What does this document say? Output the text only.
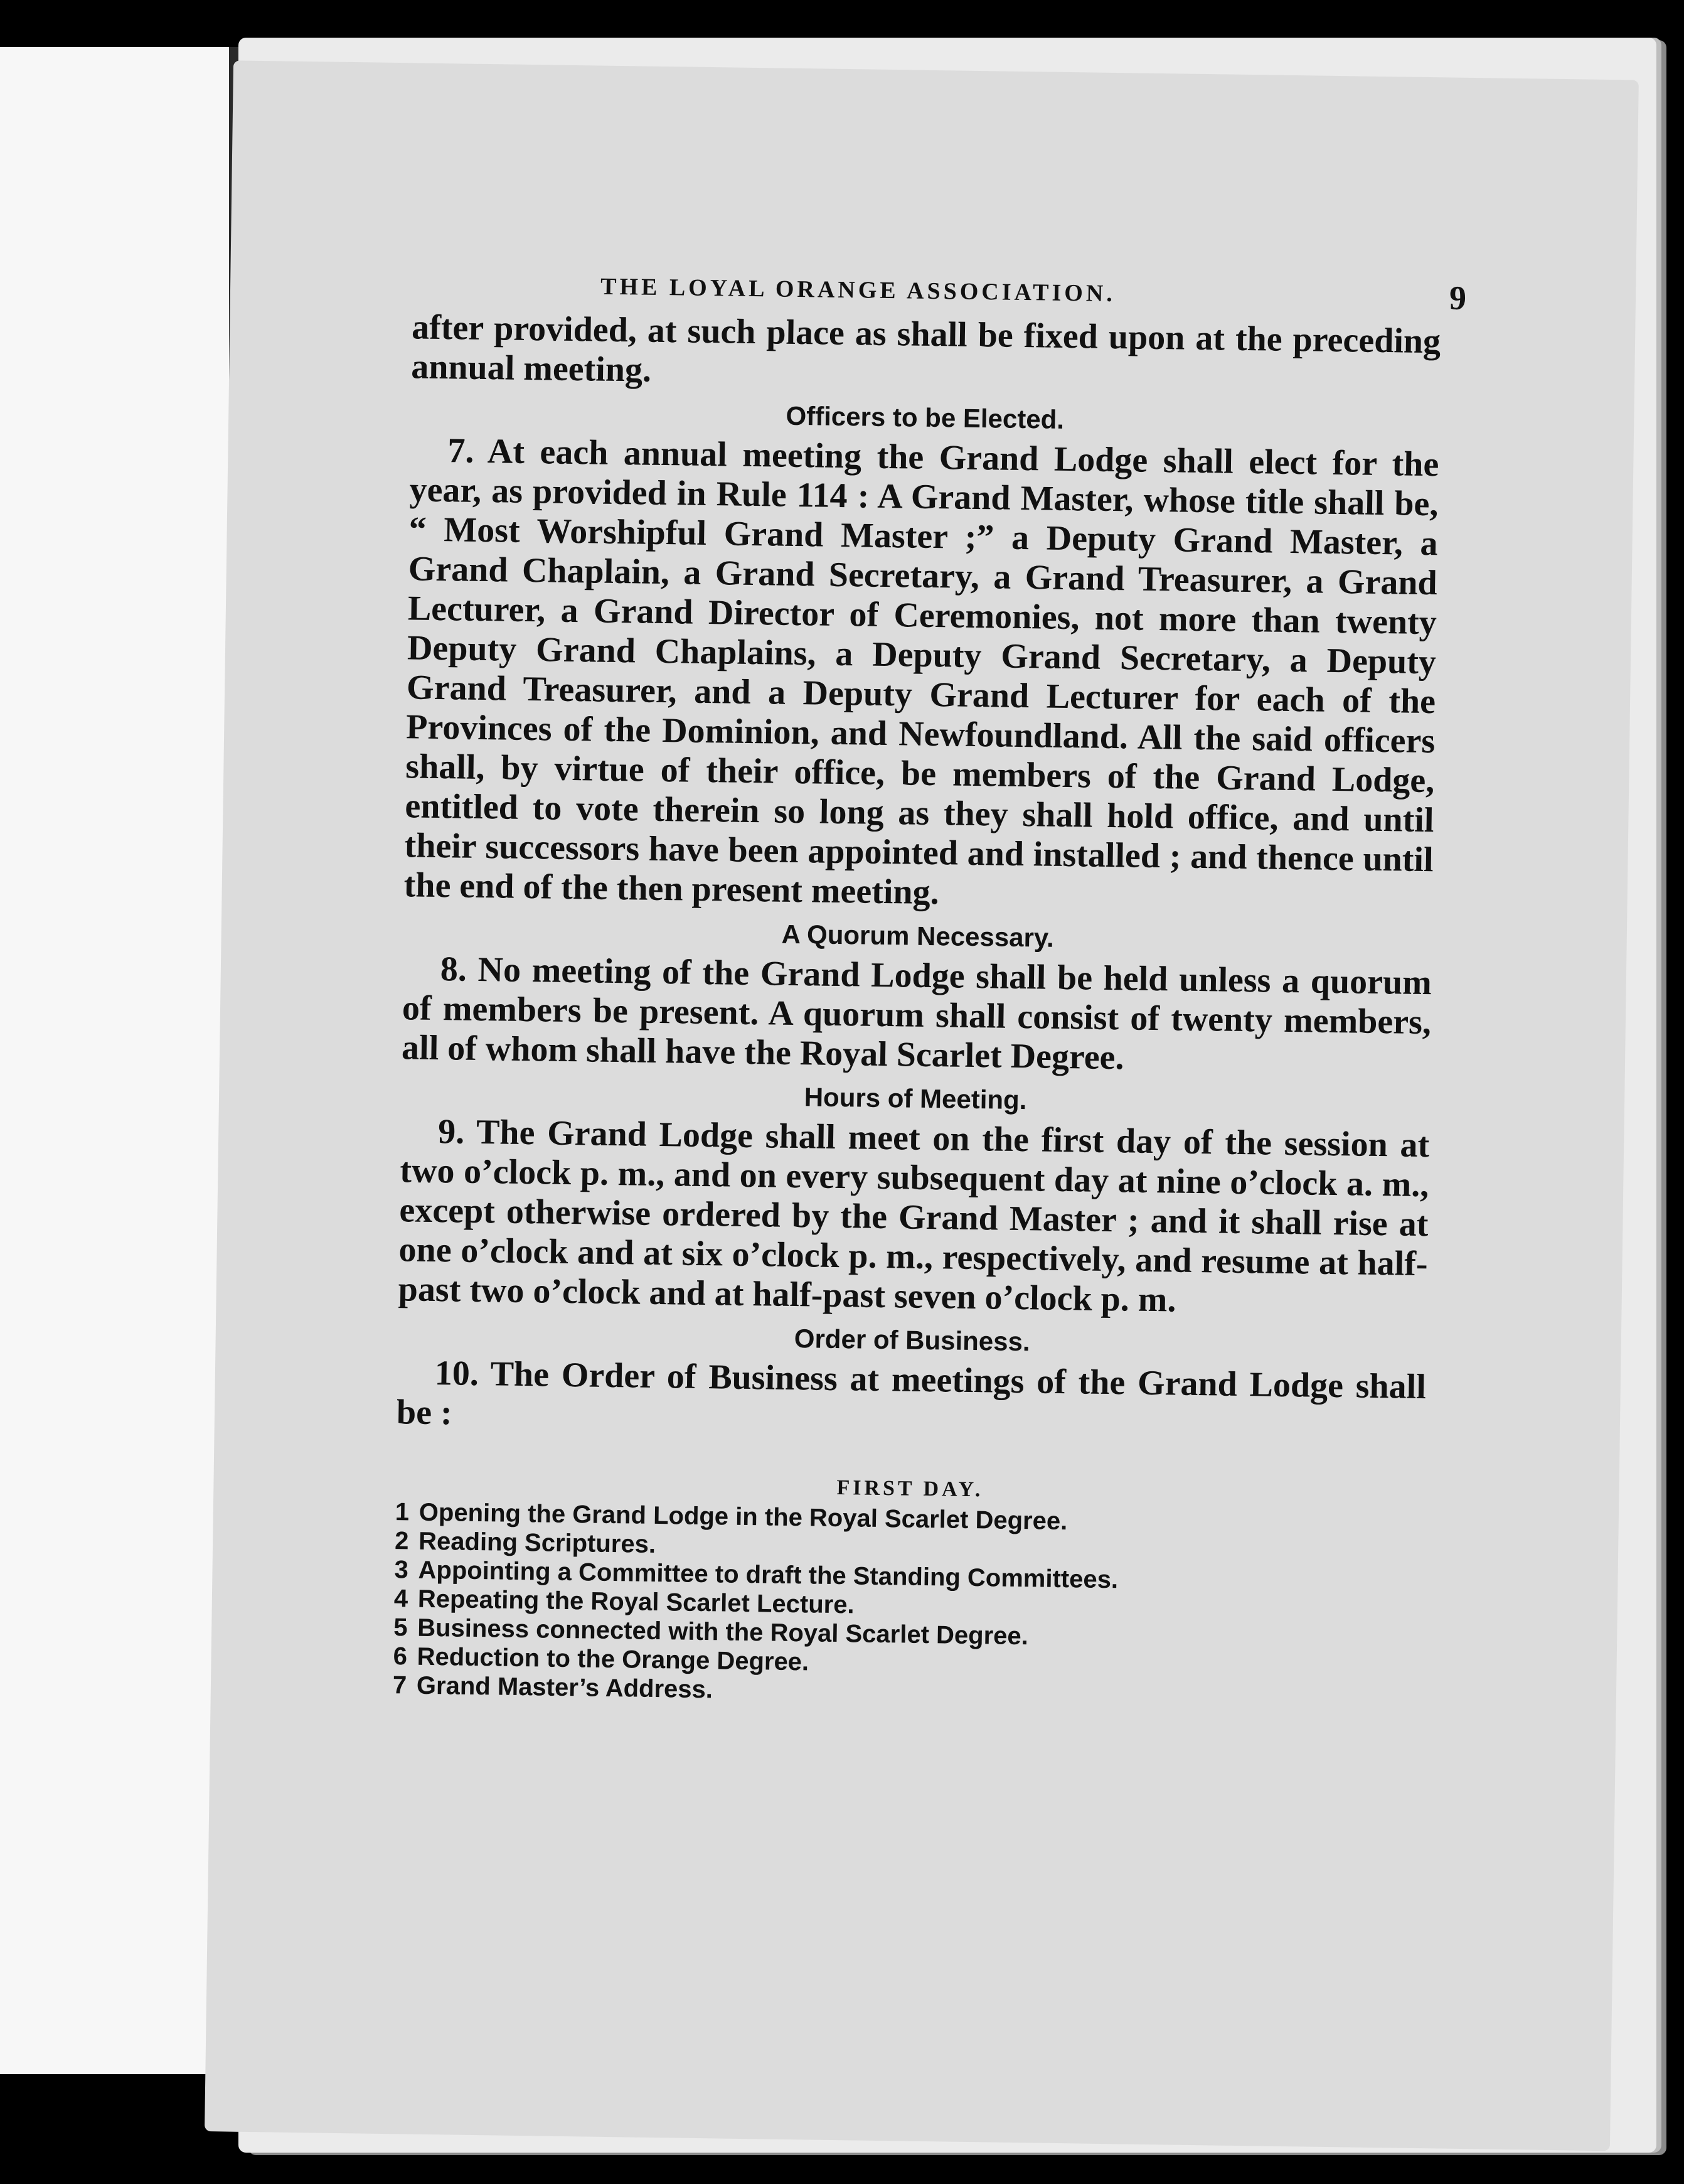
THE LOYAL ORANGE ASSOCIATION.	9

after provided, at such place as shall be fixed upon at the preceding annual meeting.

Officers to be Elected.

7. At each annual meeting the Grand Lodge shall elect for the year, as provided in Rule 114 : A Grand Master, whose title shall be, “ Most Worshipful Grand Master ;” a Deputy Grand Master, a Grand Chaplain, a Grand Secretary, a Grand Treasurer, a Grand Lecturer, a Grand Director of Ceremonies, not more than twenty Deputy Grand Chaplains, a Deputy Grand Secretary, a Deputy Grand Treasurer, and a Deputy Grand Lecturer for each of the Provinces of the Dominion, and Newfoundland. All the said officers shall, by virtue of their office, be members of the Grand Lodge, entitled to vote therein so long as they shall hold office, and until their successors have been appointed and installed ; and thence until the end of the then present meeting.

A Quorum Necessary.

8. No meeting of the Grand Lodge shall be held unless a quorum of members be present. A quorum shall consist of twenty members, all of whom shall have the Royal Scarlet Degree.

Hours of Meeting.

9. The Grand Lodge shall meet on the first day of the session at two o’clock p. m., and on every subsequent day at nine o’clock a. m., except otherwise ordered by the Grand Master ; and it shall rise at one o’clock and at six o’clock p. m., respectively, and resume at half-past two o’clock and at half-past seven o’clock p. m.

Order of Business.

10. The Order of Business at meetings of the Grand Lodge shall be :

FIRST DAY.
1 Opening the Grand Lodge in the Royal Scarlet Degree.
2 Reading Scriptures.
3 Appointing a Committee to draft the Standing Committees.
4 Repeating the Royal Scarlet Lecture.
5 Business connected with the Royal Scarlet Degree.
6 Reduction to the Orange Degree.
7 Grand Master’s Address.
